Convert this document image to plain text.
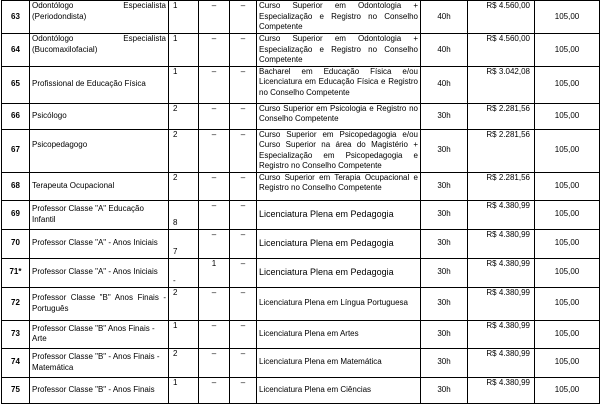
63	Odontólogo Especialista (Periodondista)	1	–	–	Curso Superior em Odontologia + Especialização e Registro no Conselho Competente	40h	R$ 4.560,00	105,00
64	Odontólogo Especialista (Bucomaxilofacial)	1	–	–	Curso Superior em Odontologia + Especialização e Registro no Conselho Competente	40h	R$ 4.560,00	105,00
65	Profissional de Educação Física	1	–	–	Bacharel em Educação Física e/ou Licenciatura em Educação Física e Registro no Conselho Competente	40h	R$ 3.042,08	105,00
66	Psicólogo	2	–	–	Curso Superior em Psicologia e Registro no Conselho Competente	30h	R$ 2.281,56	105,00
67	Psicopedagogo	2	–	–	Curso Superior em Psicopedagogia e/ou Curso Superior na área do Magistério + Especialização em Psicopedagogia e Registro no Conselho Competente	30h	R$ 2.281,56	105,00
68	Terapeuta Ocupacional	2	–	–	Curso Superior em Terapia Ocupacional e Registro no Conselho Competente	30h	R$ 2.281,56	105,00
69	Professor Classe "A" Educação Infantil	8	–	–	Licenciatura Plena em Pedagogia	30h	R$ 4.380,99	105,00
70	Professor Classe "A" - Anos Iniciais	7	–	–	Licenciatura Plena em Pedagogia	30h	R$ 4.380,99	105,00
71*	Professor Classe "A" - Anos Iniciais	-	1	–	Licenciatura Plena em Pedagogia	30h	R$ 4.380,99	105,00
72	Professor Classe "B" Anos Finais - Português	2	–	–	Licenciatura Plena em Língua Portuguesa	30h	R$ 4.380,99	105,00
73	Professor Classe "B" Anos Finais - Arte	1	–	–	Licenciatura Plena em Artes	30h	R$ 4.380,99	105,00
74	Professor Classe "B" - Anos Finais - Matemática	2	–	–	Licenciatura Plena em Matemática	30h	R$ 4.380,99	105,00
75	Professor Classe "B" - Anos Finais	1	–	–	Licenciatura Plena em Ciências	30h	R$ 4.380,99	105,00
